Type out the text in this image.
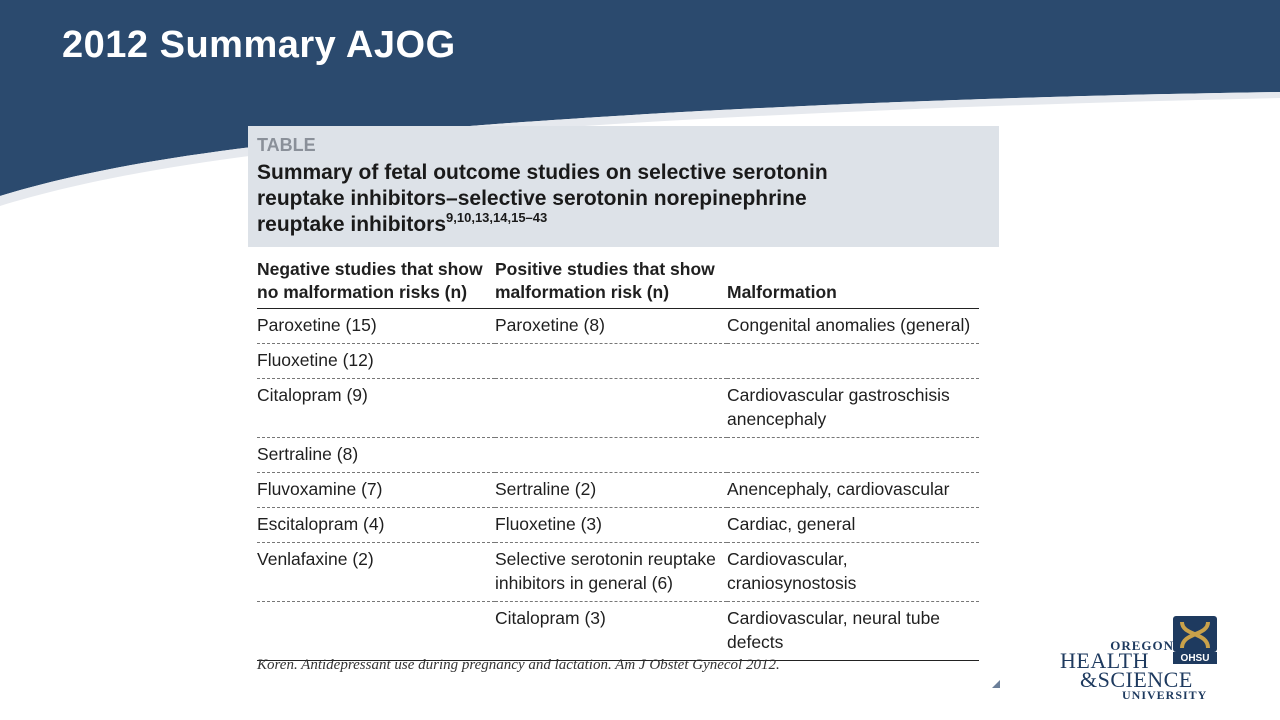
2012 Summary AJOG
TABLE
Summary of fetal outcome studies on selective serotonin reuptake inhibitors–selective serotonin norepinephrine reuptake inhibitors$^{9,10,13,14,15-43}$
Negative studies that show no malformation risks (n)	Positive studies that show malformation risk (n)	Malformation
Paroxetine (15)	Paroxetine (8)	Congenital anomalies (general)
Fluoxetine (12)		
Citalopram (9)		Cardiovascular gastroschisis anencephaly
Sertraline (8)		
Fluvoxamine (7)	Sertraline (2)	Anencephaly, cardiovascular
Escitalopram (4)	Fluoxetine (3)	Cardiac, general
Venlafaxine (2)	Selective serotonin reuptake inhibitors in general (6)	Cardiovascular, craniosynostosis
	Citalopram (3)	Cardiovascular, neural tube defects
Koren. Antidepressant use during pregnancy and lactation. Am J Obstet Gynecol 2012.	OHSU
OREGON
HEALTH
&SCIENCE
UNIVERSITY
